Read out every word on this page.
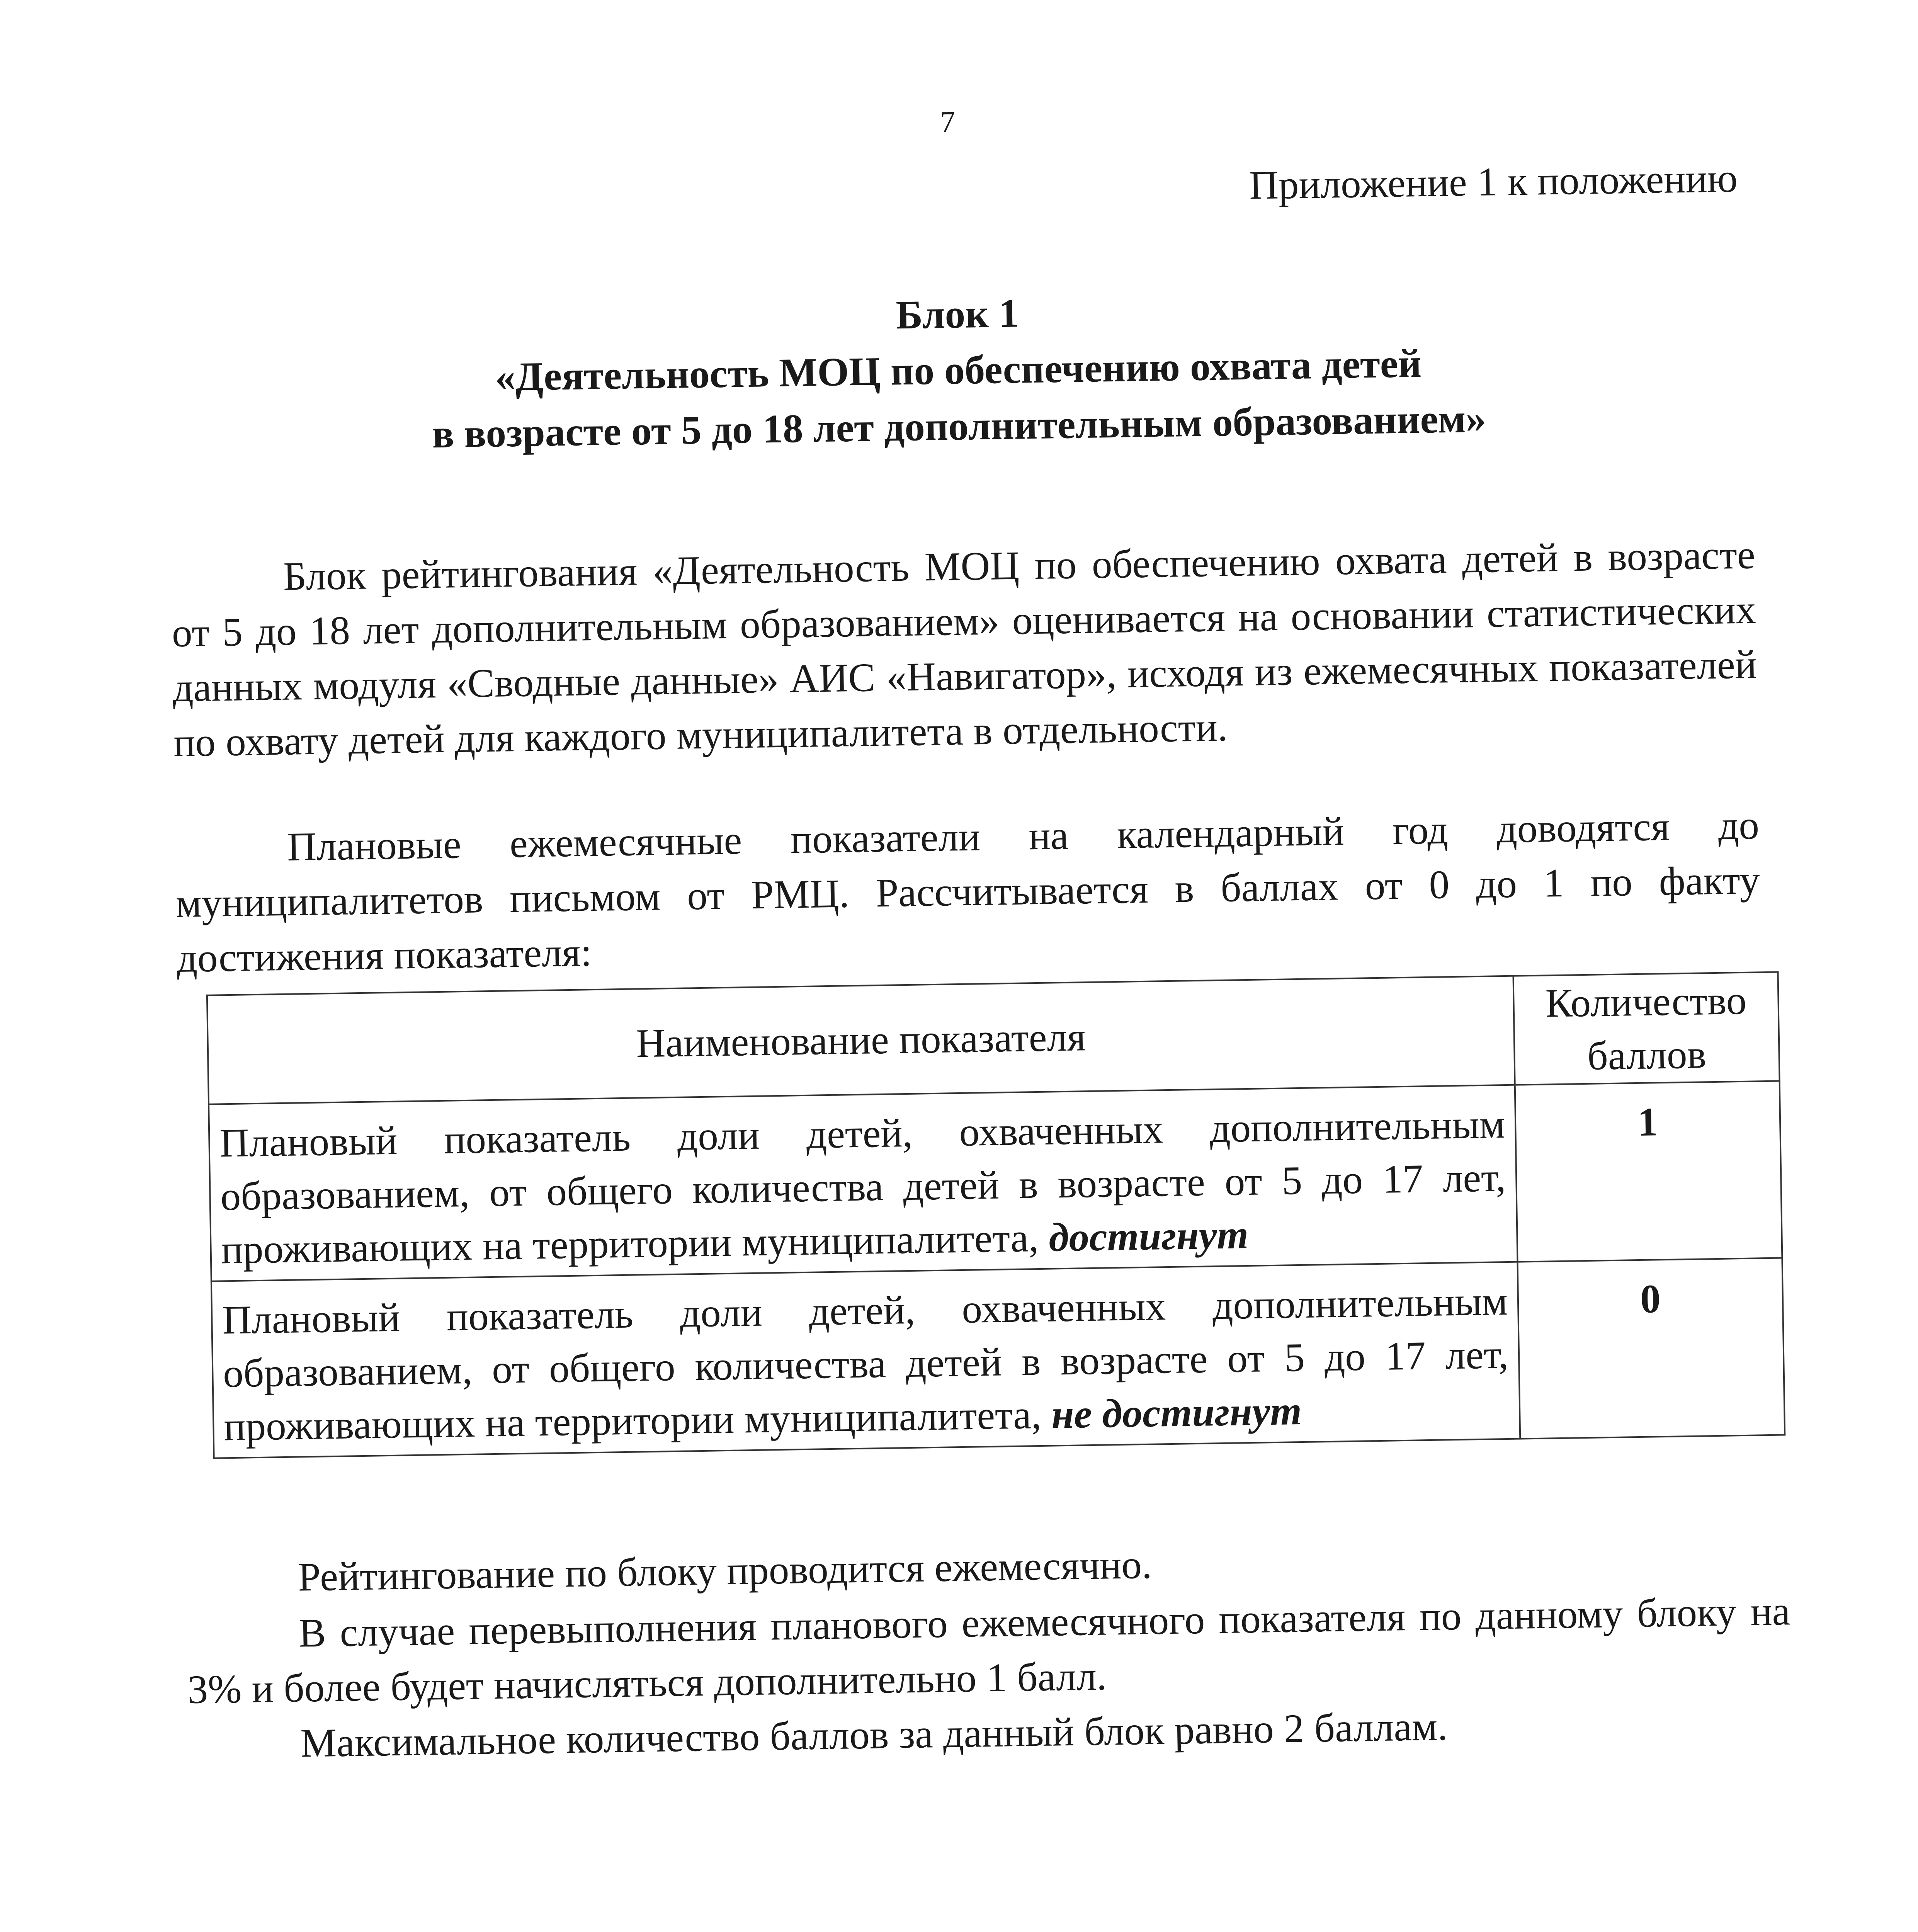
7
Приложение 1 к положению
Блок 1
«Деятельность МОЦ по обеспечению охвата детей
в возрасте от 5 до 18 лет дополнительным образованием»

Блок рейтингования «Деятельность МОЦ по обеспечению охвата детей в возрасте от 5 до 18 лет дополнительным образованием» оценивается на основании статистических данных модуля «Сводные данные» АИС «Навигатор», исходя из ежемесячных показателей по охвату детей для каждого муниципалитета в отдельности.

Плановые ежемесячные показатели на календарный год доводятся до муниципалитетов письмом от РМЦ. Рассчитывается в баллах от 0 до 1 по факту достижения показателя:

Наименование показателя	Количество баллов
Плановый показатель доли детей, охваченных дополнительным образованием, от общего количества детей в возрасте от 5 до 17 лет, проживающих на территории муниципалитета, достигнут	1
Плановый показатель доли детей, охваченных дополнительным образованием, от общего количества детей в возрасте от 5 до 17 лет, проживающих на территории муниципалитета, не достигнут	0

Рейтингование по блоку проводится ежемесячно.

В случае перевыполнения планового ежемесячного показателя по данному блоку на 3% и более будет начисляться дополнительно 1 балл.

Максимальное количество баллов за данный блок равно 2 баллам.
